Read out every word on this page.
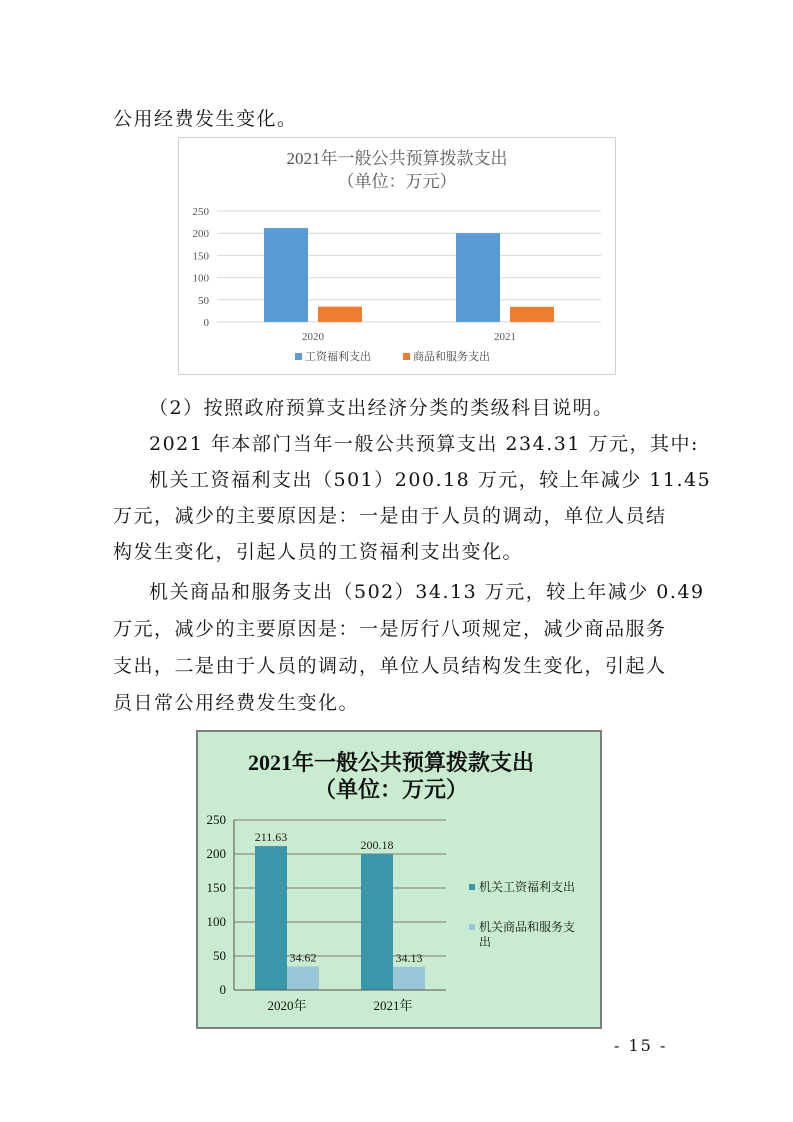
公用经费发生变化。
2021年一般公共预算拨款支出
（单位：万元）
0
50
100
150
200
250
2020	2021
工资福利支出	商品和服务支出
（2）按照政府预算支出经济分类的类级科目说明。
2021 年本部门当年一般公共预算支出 234.31 万元，其中:
机关工资福利支出（501）200.18 万元，较上年减少 11.45
万元，减少的主要原因是：一是由于人员的调动，单位人员结
构发生变化，引起人员的工资福利支出变化。
机关商品和服务支出（502）34.13 万元，较上年减少 0.49
万元，减少的主要原因是：一是厉行八项规定，减少商品服务
支出，二是由于人员的调动，单位人员结构发生变化，引起人
员日常公用经费发生变化。
2021年一般公共预算拨款支出
（单位：万元）
211.63
34.62
200.18
34.13
0
50
100
150
200
250
2020年	2021年
机关工资福利支出
机关商品和服务支
出
- 15 -
